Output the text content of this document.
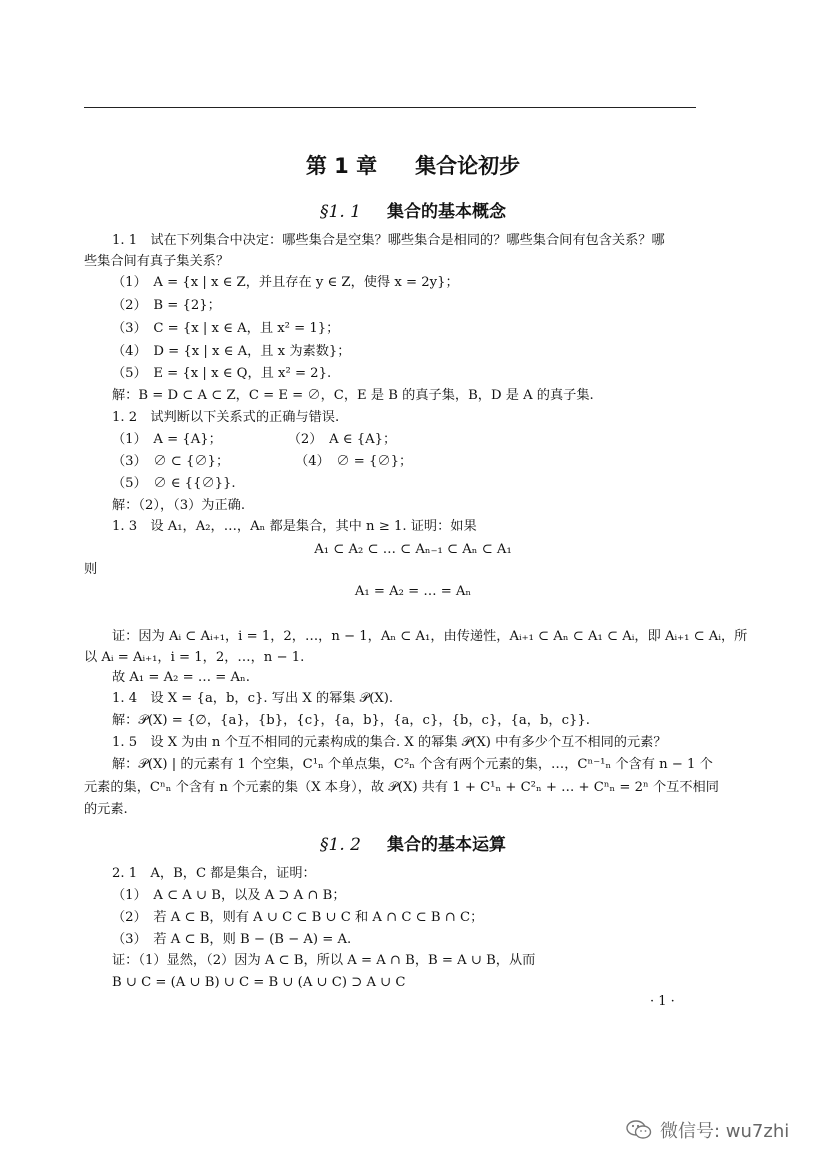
第 1 章 集合论初步
§1. 1 集合的基本概念
1. 1　试在下列集合中决定：哪些集合是空集？哪些集合是相同的？哪些集合间有包含关系？哪
些集合间有真子集关系？
（1）　A = {x | x ∈ Z，并且存在 y ∈ Z，使得 x = 2y}；
（2）　B = {2}；
（3）　C = {x | x ∈ A，且 x² = 1}；
（4）　D = {x | x ∈ A，且 x 为素数}；
（5）　E = {x | x ∈ Q，且 x² = 2}.
解：B = D ⊂ A ⊂ Z，C = E = ∅，C，E 是 B 的真子集，B，D 是 A 的真子集.
1. 2　试判断以下关系式的正确与错误.
（1）　A = {A}；　　　　　　（2）　A ∈ {A}；
（3）　∅ ⊂ {∅}；　　　　　　（4）　∅ = {∅}；
（5）　∅ ∈ {{∅}}.
解：（2），（3）为正确.
1. 3　设 A₁，A₂，…，Aₙ 都是集合，其中 n ≥ 1. 证明：如果
A₁ ⊂ A₂ ⊂ … ⊂ Aₙ₋₁ ⊂ Aₙ ⊂ A₁
则
A₁ = A₂ = … = Aₙ
证：因为 Aᵢ ⊂ Aᵢ₊₁，i = 1，2，…，n − 1，Aₙ ⊂ A₁，由传递性，Aᵢ₊₁ ⊂ Aₙ ⊂ A₁ ⊂ Aᵢ，即 Aᵢ₊₁ ⊂ Aᵢ，所
以 Aᵢ = Aᵢ₊₁，i = 1，2，…，n − 1.
故 A₁ = A₂ = … = Aₙ.
1. 4　设 X = {a，b，c}. 写出 X 的幂集 𝒫(X).
解：𝒫(X) = {∅，{a}，{b}，{c}，{a，b}，{a，c}，{b，c}，{a，b，c}}.
1. 5　设 X 为由 n 个互不相同的元素构成的集合. X 的幂集 𝒫(X) 中有多少个互不相同的元素？
解：𝒫(X) | 的元素有 1 个空集，C¹ₙ 个单点集，C²ₙ 个含有两个元素的集，…，Cⁿ⁻¹ₙ 个含有 n − 1 个
元素的集，Cⁿₙ 个含有 n 个元素的集（X 本身），故 𝒫(X) 共有 1 + C¹ₙ + C²ₙ + … + Cⁿₙ = 2ⁿ 个互不相同
的元素.
§1. 2 集合的基本运算
2. 1　A，B，C 都是集合，证明：
（1）　A ⊂ A ∪ B，以及 A ⊃ A ∩ B；
（2）　若 A ⊂ B，则有 A ∪ C ⊂ B ∪ C 和 A ∩ C ⊂ B ∩ C；
（3）　若 A ⊂ B，则 B − (B − A) = A.
证：（1）显然，（2）因为 A ⊂ B，所以 A = A ∩ B，B = A ∪ B，从而
B ∪ C = (A ∪ B) ∪ C = B ∪ (A ∪ C) ⊃ A ∪ C
· 1 ·
微信号: wu7zhi
